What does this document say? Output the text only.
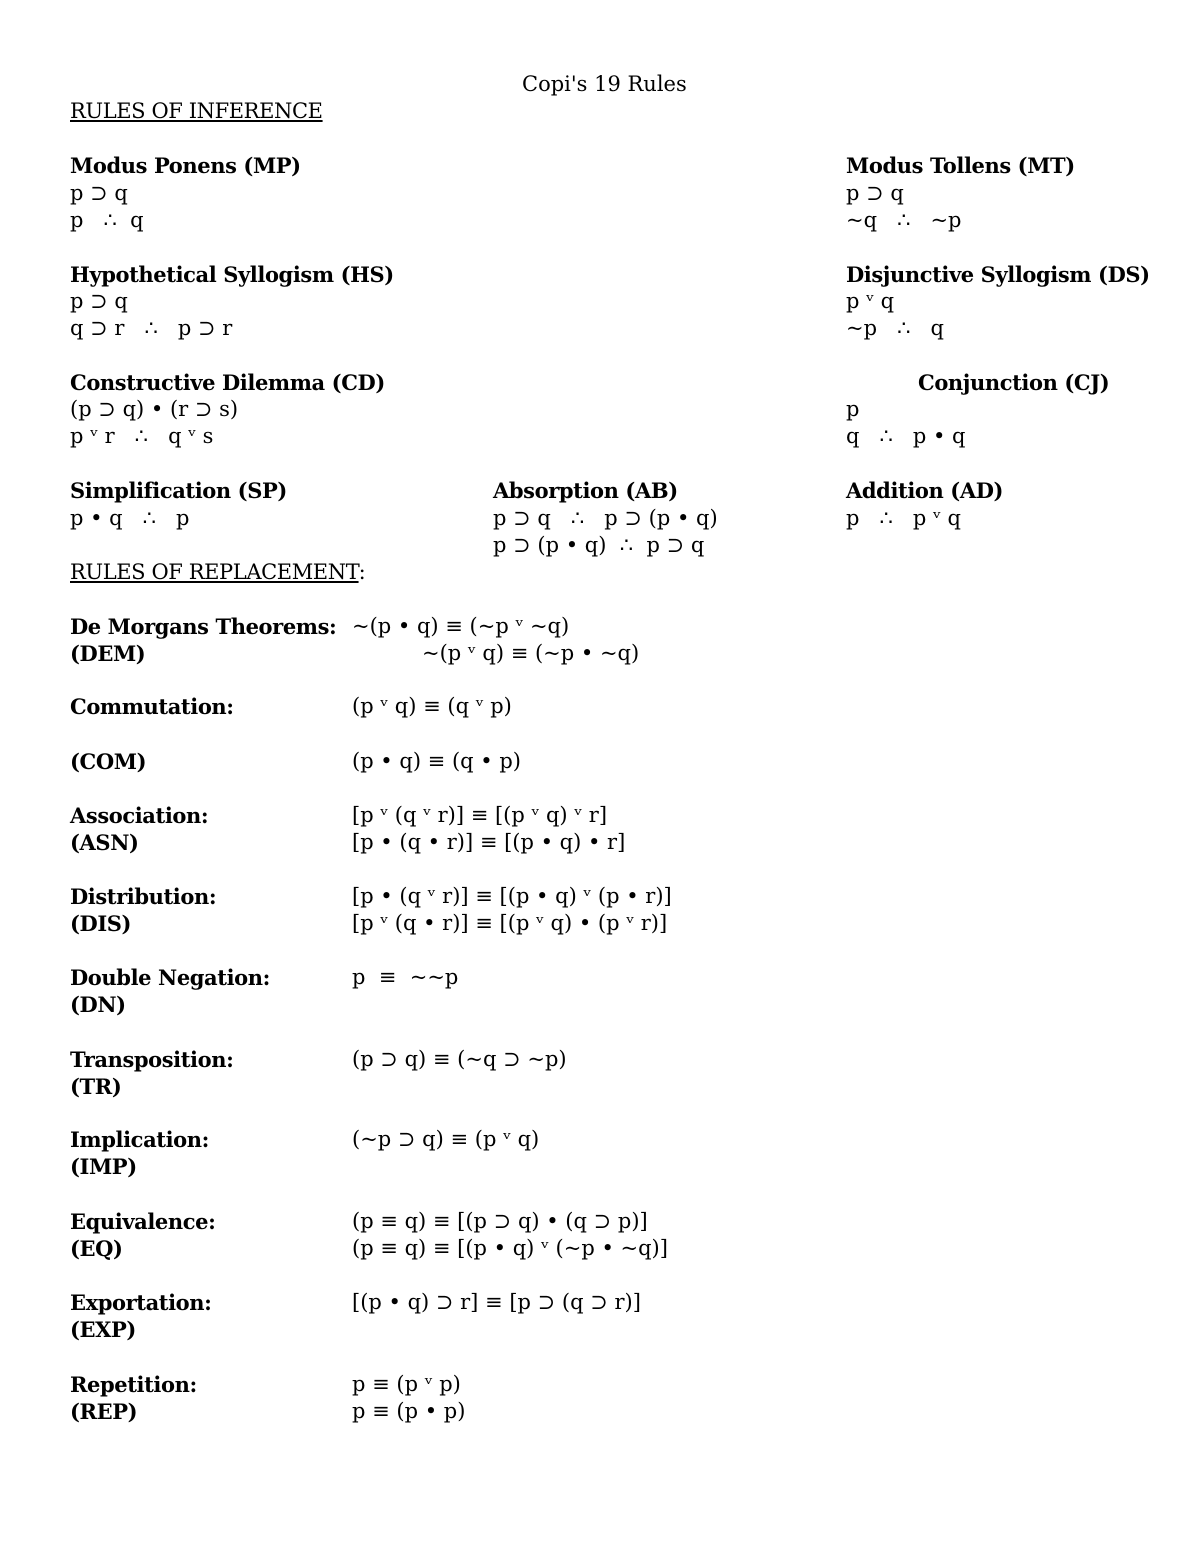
Copi's 19 Rules
RULES OF INFERENCE
Modus Ponens (MP)
p ⊃ q
p   ∴  q
Modus Tollens (MT)
p ⊃ q
~q   ∴   ~p
Hypothetical Syllogism (HS)
p ⊃ q
q ⊃ r   ∴   p ⊃ r
Disjunctive Syllogism (DS)
p ᵛ q
~p   ∴   q
Constructive Dilemma (CD)
(p ⊃ q) • (r ⊃ s)
p ᵛ r   ∴   q ᵛ s
Conjunction (CJ)
p
q   ∴   p • q
Simplification (SP)
p • q   ∴   p
Absorption (AB)
p ⊃ q   ∴   p ⊃ (p • q)
p ⊃ (p • q)  ∴  p ⊃ q
Addition (AD)
p   ∴   p ᵛ q
RULES OF REPLACEMENT:
De Morgans Theorems:
(DEM)
~(p • q) ≡ (~p ᵛ ~q)
~(p ᵛ q) ≡ (~p • ~q)
Commutation:	(p ᵛ q) ≡ (q ᵛ p)
(COM)	(p • q) ≡ (q • p)
Association:
(ASN)
[p ᵛ (q ᵛ r)] ≡ [(p ᵛ q) ᵛ r]
[p • (q • r)] ≡ [(p • q) • r]
Distribution:
(DIS)
[p • (q ᵛ r)] ≡ [(p • q) ᵛ (p • r)]
[p ᵛ (q • r)] ≡ [(p ᵛ q) • (p ᵛ r)]
Double Negation:
(DN)
p  ≡  ~~p
Transposition:
(TR)
(p ⊃ q) ≡ (~q ⊃ ~p)
Implication:
(IMP)
(~p ⊃ q) ≡ (p ᵛ q)
Equivalence:
(EQ)
(p ≡ q) ≡ [(p ⊃ q) • (q ⊃ p)]
(p ≡ q) ≡ [(p • q) ᵛ (~p • ~q)]
Exportation:
(EXP)
[(p • q) ⊃ r] ≡ [p ⊃ (q ⊃ r)]
Repetition:
(REP)
p ≡ (p ᵛ p)
p ≡ (p • p)
